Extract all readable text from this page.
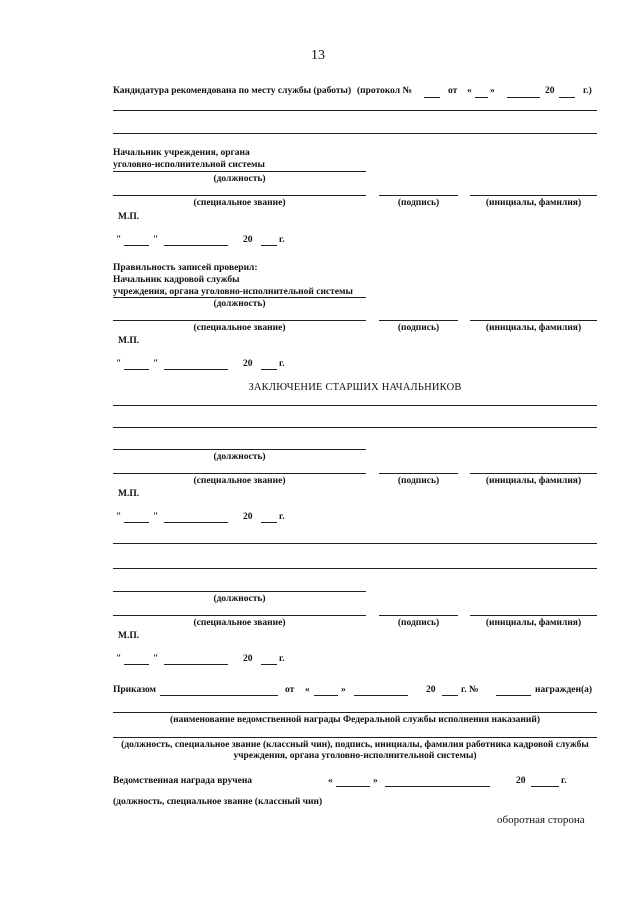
13
Кандидатура рекомендована по месту службы (работы) (протокол №	от « »	20	г.)
Начальник учреждения, органа
уголовно-исполнительной системы
(должность)
(специальное звание)	(подпись)	(инициалы, фамилия)
М.П.
"	"	20	г.
Правильность записей проверил:
Начальник кадровой службы
учреждения, органа уголовно-исполнительной системы
(должность)
(специальное звание)	(подпись)	(инициалы, фамилия)
М.П.
"	"	20	г.
ЗАКЛЮЧЕНИЕ СТАРШИХ НАЧАЛЬНИКОВ
(должность)
(специальное звание)	(подпись)	(инициалы, фамилия)
М.П.
"	"	20	г.
(должность)
(специальное звание)	(подпись)	(инициалы, фамилия)
М.П.
"	"	20	г.
Приказом	от «	»	20	г. №	награжден(а)
(наименование ведомственной награды Федеральной службы исполнения наказаний)
(должность, специальное звание (классный чин), подпись, инициалы, фамилия работника кадровой службы
учреждения, органа уголовно-исполнительной системы)
Ведомственная награда вручена	«	»	20	г.
(должность, специальное звание (классный чин)
оборотная сторона
